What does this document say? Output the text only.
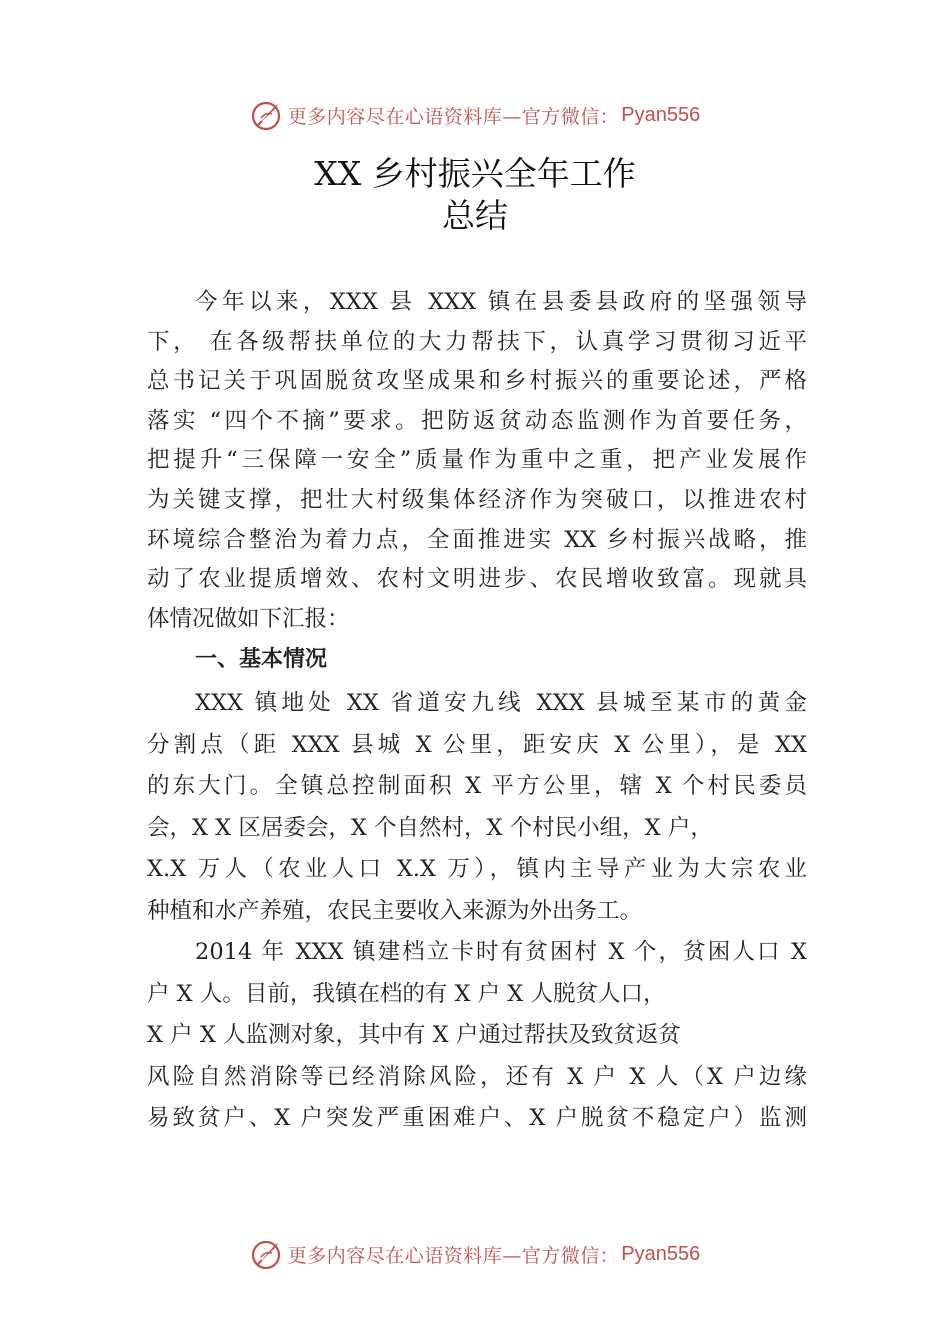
更多内容尽在心语资料库—官方微信： Pyan556
XX 乡村振兴全年工作
总结
今年以来，XXX 县 XXX 镇在县委县政府的坚强领导
下， 在各级帮扶单位的大力帮扶下，认真学习贯彻习近平
总书记关于巩固脱贫攻坚成果和乡村振兴的重要论述，严格
落实 “四个不摘”要求。把防返贫动态监测作为首要任务，
把提升“三保障一安全”质量作为重中之重，把产业发展作
为关键支撑，把壮大村级集体经济作为突破口，以推进农村
环境综合整治为着力点，全面推进实 XX 乡村振兴战略，推
动了农业提质增效、农村文明进步、农民增收致富。现就具
体情况做如下汇报：
一、基本情况
XXX 镇地处 XX 省道安九线 XXX 县城至某市的黄金
分割点（距 XXX 县城 X 公里，距安庆 X 公里），是 XX
的东大门。全镇总控制面积 X 平方公里，辖 X 个村民委员
会，X X 区居委会，X 个自然村，X 个村民小组，X 户，
X.X 万人（农业人口 X.X 万），镇内主导产业为大宗农业
种植和水产养殖，农民主要收入来源为外出务工。
2014 年 XXX 镇建档立卡时有贫困村 X 个，贫困人口 X
户 X 人。目前，我镇在档的有 X 户 X 人脱贫人口，
X 户 X 人监测对象，其中有 X 户通过帮扶及致贫返贫
风险自然消除等已经消除风险，还有 X 户 X 人（X 户边缘
易致贫户、X 户突发严重困难户、X 户脱贫不稳定户）监测
更多内容尽在心语资料库—官方微信： Pyan556
